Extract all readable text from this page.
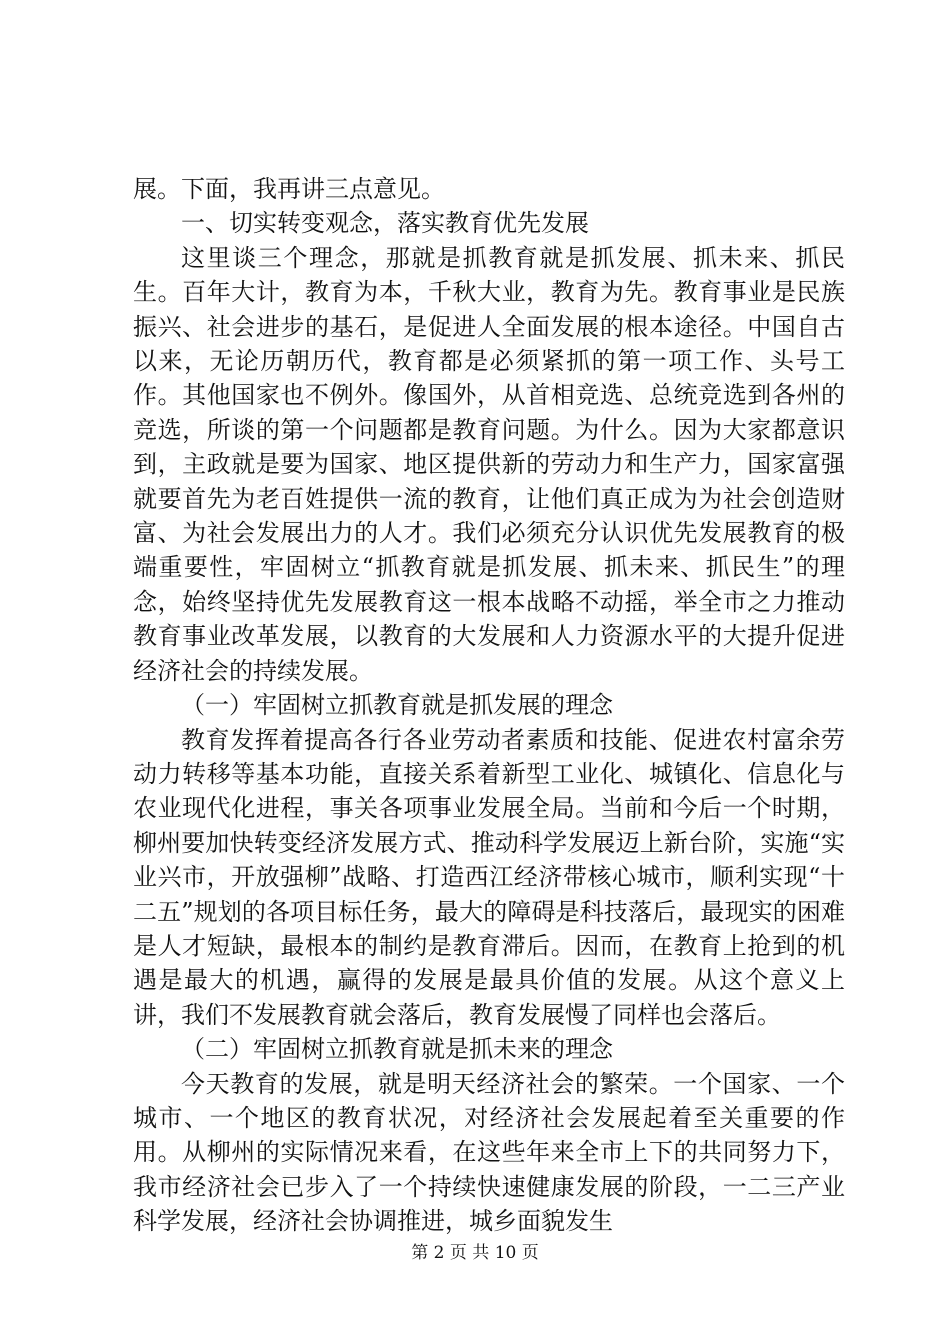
展。下面，我再讲三点意见。

一、切实转变观念，落实教育优先发展

这里谈三个理念，那就是抓教育就是抓发展、抓未来、抓民生。百年大计，教育为本，千秋大业，教育为先。教育事业是民族振兴、社会进步的基石，是促进人全面发展的根本途径。中国自古以来，无论历朝历代，教育都是必须紧抓的第一项工作、头号工作。其他国家也不例外。像国外，从首相竞选、总统竞选到各州的竞选，所谈的第一个问题都是教育问题。为什么。因为大家都意识到，主政就是要为国家、地区提供新的劳动力和生产力，国家富强就要首先为老百姓提供一流的教育，让他们真正成为为社会创造财富、为社会发展出力的人才。我们必须充分认识优先发展教育的极端重要性，牢固树立“抓教育就是抓发展、抓未来、抓民生”的理念，始终坚持优先发展教育这一根本战略不动摇，举全市之力推动教育事业改革发展，以教育的大发展和人力资源水平的大提升促进经济社会的持续发展。

（一）牢固树立抓教育就是抓发展的理念

教育发挥着提高各行各业劳动者素质和技能、促进农村富余劳动力转移等基本功能，直接关系着新型工业化、城镇化、信息化与农业现代化进程，事关各项事业发展全局。当前和今后一个时期，柳州要加快转变经济发展方式、推动科学发展迈上新台阶，实施“实业兴市，开放强柳”战略、打造西江经济带核心城市，顺利实现“十二五”规划的各项目标任务，最大的障碍是科技落后，最现实的困难是人才短缺，最根本的制约是教育滞后。因而，在教育上抢到的机遇是最大的机遇，赢得的发展是最具价值的发展。从这个意义上讲，我们不发展教育就会落后，教育发展慢了同样也会落后。

（二）牢固树立抓教育就是抓未来的理念

今天教育的发展，就是明天经济社会的繁荣。一个国家、一个城市、一个地区的教育状况，对经济社会发展起着至关重要的作用。从柳州的实际情况来看，在这些年来全市上下的共同努力下，我市经济社会已步入了一个持续快速健康发展的阶段，一二三产业科学发展，经济社会协调推进，城乡面貌发生

第 2 页 共 10 页
